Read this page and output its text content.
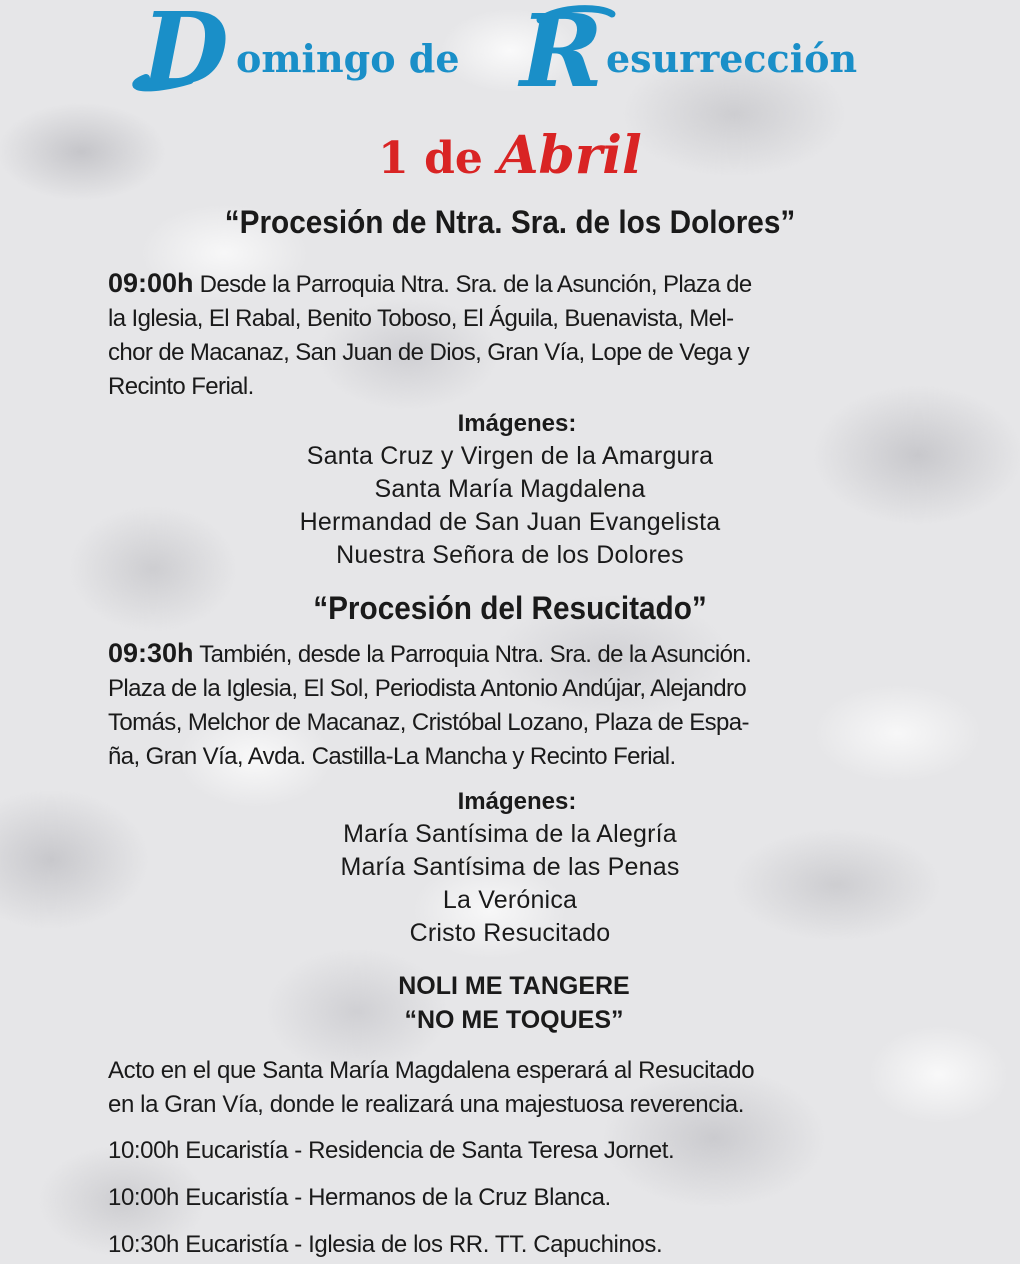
D omingo de R esurrección
1 de Abril
“Procesión de Ntra. Sra. de los Dolores”
09:00h Desde la Parroquia Ntra. Sra. de la Asunción, Plaza de
la Iglesia, El Rabal, Benito Toboso, El Águila, Buenavista, Mel-
chor de Macanaz, San Juan de Dios, Gran Vía, Lope de Vega y
Recinto Ferial.
Imágenes:
Santa Cruz y Virgen de la Amargura
Santa María Magdalena
Hermandad de San Juan Evangelista
Nuestra Señora de los Dolores
“Procesión del Resucitado”
09:30h También, desde la Parroquia Ntra. Sra. de la Asunción.
Plaza de la Iglesia, El Sol, Periodista Antonio Andújar, Alejandro
Tomás, Melchor de Macanaz, Cristóbal Lozano, Plaza de Espa-
ña, Gran Vía, Avda. Castilla-La Mancha y Recinto Ferial.
Imágenes:
María Santísima de la Alegría
María Santísima de las Penas
La Verónica
Cristo Resucitado
NOLI ME TANGERE
“NO ME TOQUES”
Acto en el que Santa María Magdalena esperará al Resucitado
en la Gran Vía, donde le realizará una majestuosa reverencia.
10:00h Eucaristía - Residencia de Santa Teresa Jornet.
10:00h Eucaristía - Hermanos de la Cruz Blanca.
10:30h Eucaristía - Iglesia de los RR. TT. Capuchinos.
